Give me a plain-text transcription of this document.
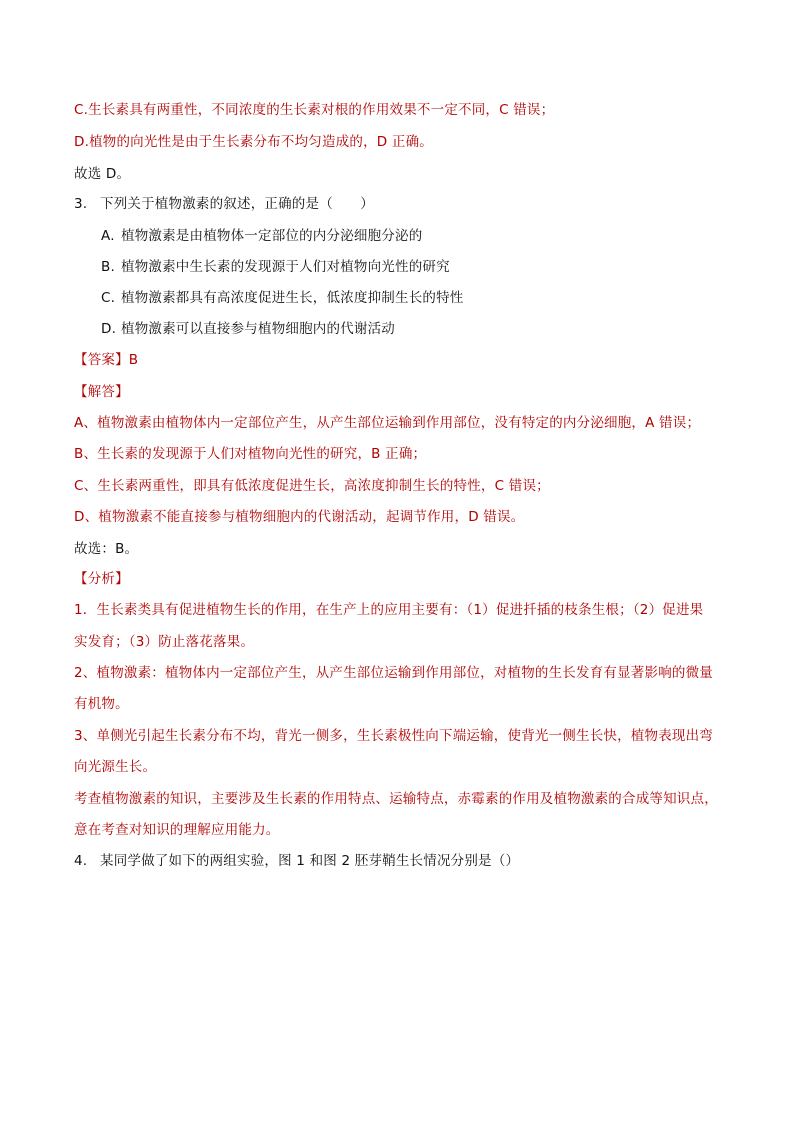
C.生长素具有两重性，不同浓度的生长素对根的作用效果不一定不同，C 错误；
D.植物的向光性是由于生长素分布不均匀造成的，D 正确。
故选 D。
3. 下列关于植物激素的叙述，正确的是（　　）
A. 植物激素是由植物体一定部位的内分泌细胞分泌的
B. 植物激素中生长素的发现源于人们对植物向光性的研究
C. 植物激素都具有高浓度促进生长，低浓度抑制生长的特性
D. 植物激素可以直接参与植物细胞内的代谢活动
【答案】B
【解答】
A、植物激素由植物体内一定部位产生，从产生部位运输到作用部位，没有特定的内分泌细胞，A 错误；
B、生长素的发现源于人们对植物向光性的研究，B 正确；
C、生长素两重性，即具有低浓度促进生长，高浓度抑制生长的特性，C 错误；
D、植物激素不能直接参与植物细胞内的代谢活动，起调节作用，D 错误。
故选：B。
【分析】
1．生长素类具有促进植物生长的作用，在生产上的应用主要有：（1）促进扦插的枝条生根；（2）促进果
实发育；（3）防止落花落果。
2、植物激素：植物体内一定部位产生，从产生部位运输到作用部位，对植物的生长发育有显著影响的微量
有机物。
3、单侧光引起生长素分布不均，背光一侧多，生长素极性向下端运输，使背光一侧生长快，植物表现出弯
向光源生长。
考查植物激素的知识，主要涉及生长素的作用特点、运输特点，赤霉素的作用及植物激素的合成等知识点，
意在考查对知识的理解应用能力。
4. 某同学做了如下的两组实验，图 1 和图 2 胚芽鞘生长情况分别是（）
